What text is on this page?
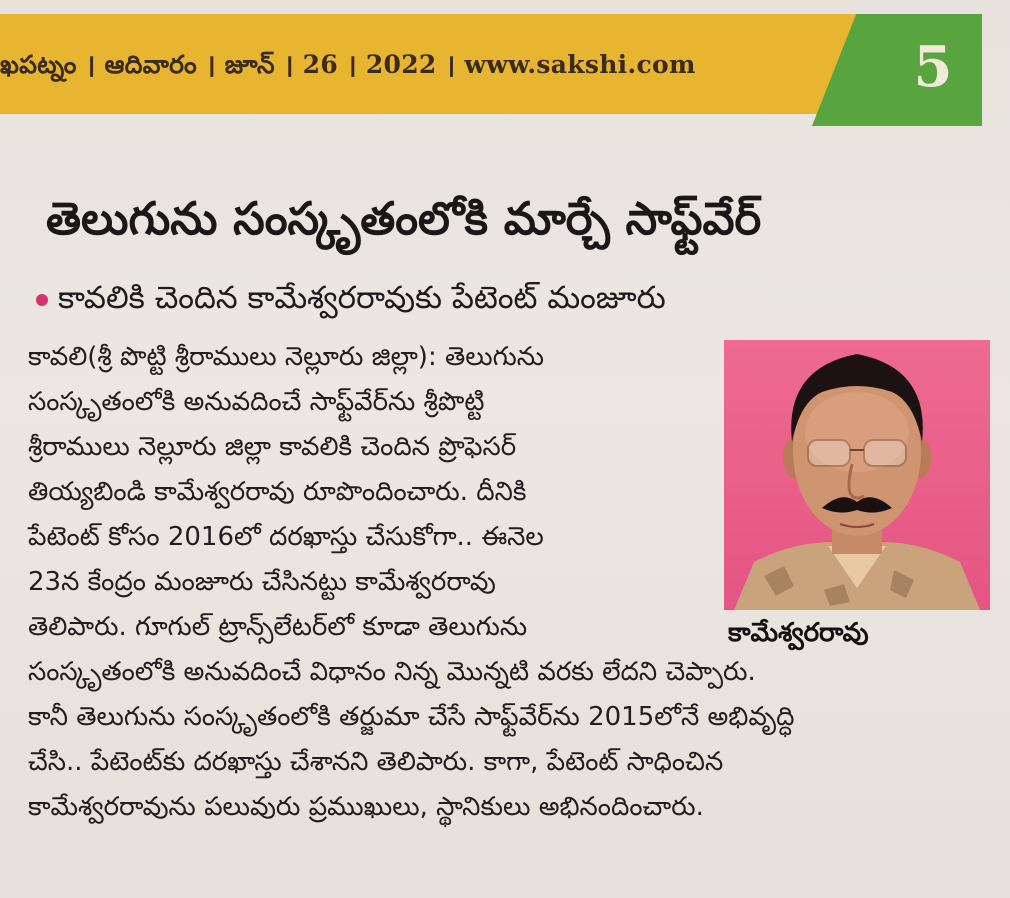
ఖపట్నం । ఆదివారం । జూన్ । 26 । 2022 । www.sakshi.com	5
తెలుగును సంస్కృతంలోకి మార్చే సాఫ్ట్‌వేర్
కావలికి చెందిన కామేశ్వరరావుకు పేటెంట్ మంజూరు
కావలి(శ్రీ పొట్టి శ్రీరాములు నెల్లూరు జిల్లా): తెలుగును
సంస్కృతంలోకి అనువదించే సాఫ్ట్‌వేర్‌ను శ్రీపొట్టి
శ్రీరాములు నెల్లూరు జిల్లా కావలికి చెందిన ప్రొఫెసర్
తియ్యబిండి కామేశ్వరరావు రూపొందించారు. దీనికి
పేటెంట్ కోసం 2016లో దరఖాస్తు చేసుకోగా.. ఈనెల
23న కేంద్రం మంజూరు చేసినట్టు కామేశ్వరరావు
తెలిపారు. గూగుల్ ట్రాన్స్‌లేటర్‌లో కూడా తెలుగును
సంస్కృతంలోకి అనువదించే విధానం నిన్న మొన్నటి వరకు లేదని చెప్పారు.
కానీ తెలుగును సంస్కృతంలోకి తర్జుమా చేసే సాఫ్ట్‌వేర్‌ను 2015లోనే అభివృద్ధి
చేసి.. పేటెంట్‌కు దరఖాస్తు చేశానని తెలిపారు. కాగా, పేటెంట్ సాధించిన
కామేశ్వరరావును పలువురు ప్రముఖులు, స్థానికులు అభినందించారు.
కామేశ్వరరావు
